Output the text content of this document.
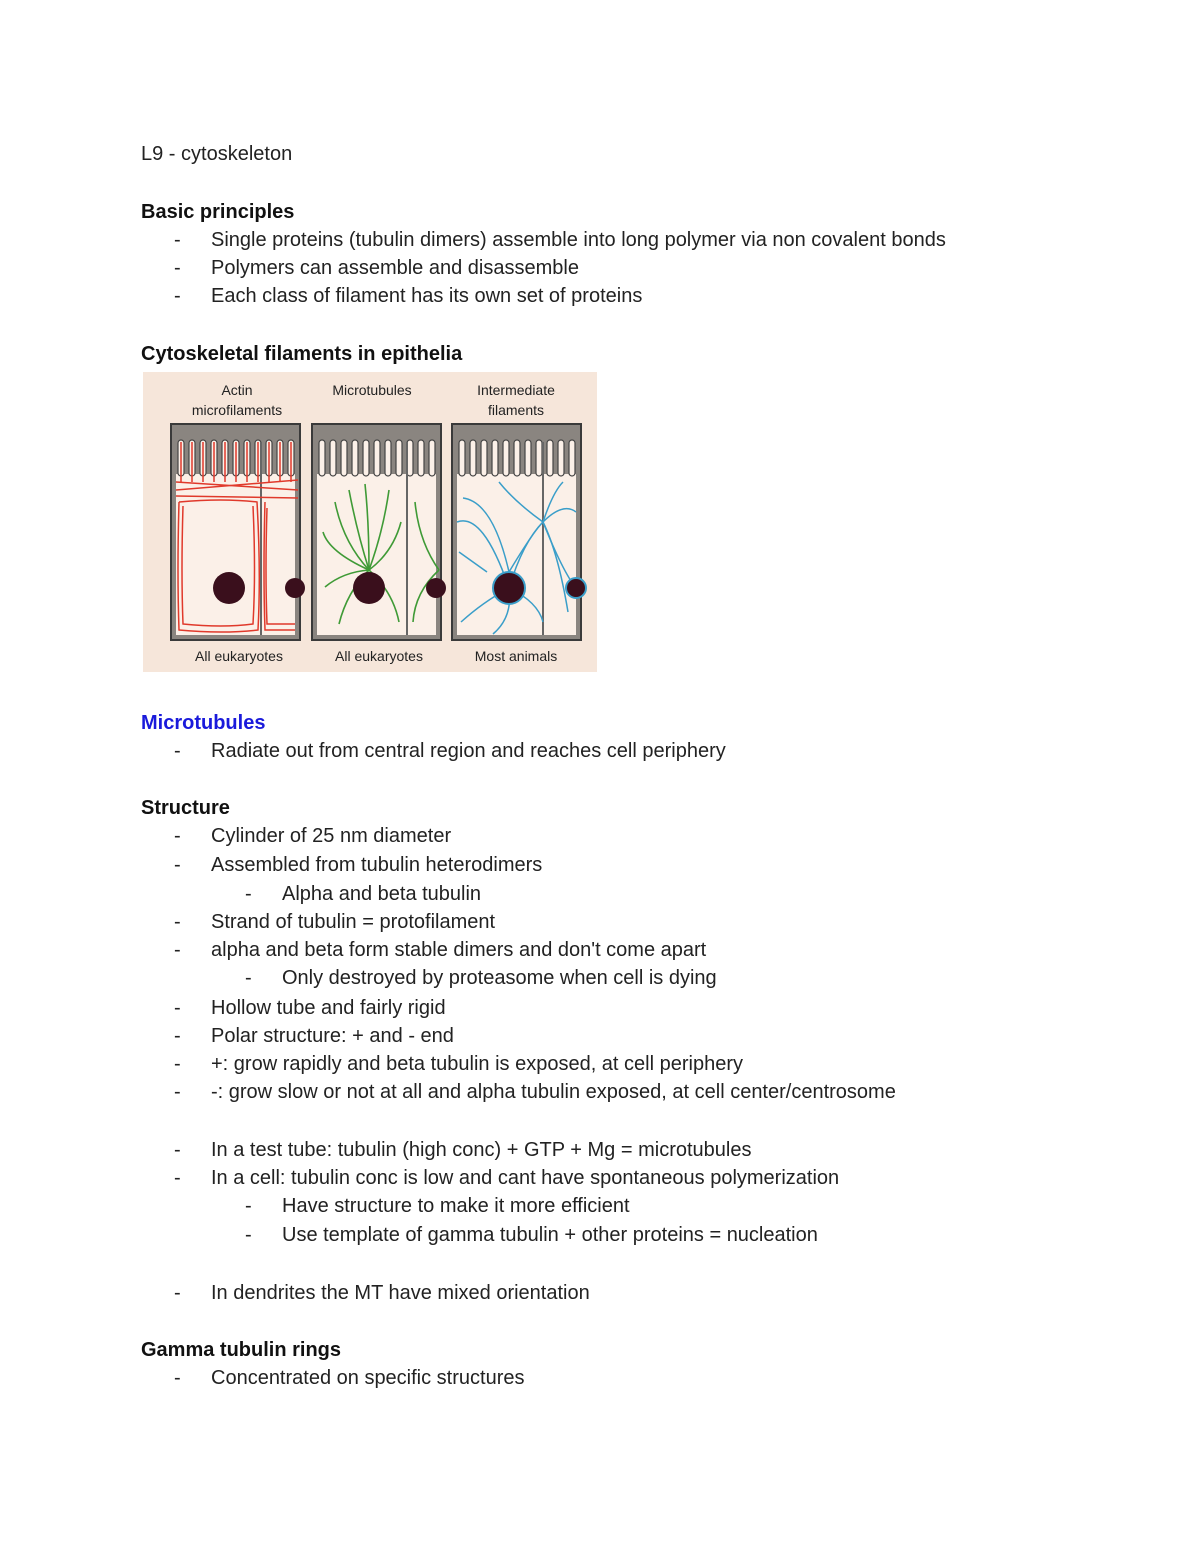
L9 - cytoskeleton
Basic principles
-	Single proteins (tubulin dimers) assemble into long polymer via non covalent bonds
-	Polymers can assemble and disassemble
-	Each class of filament has its own set of proteins
Cytoskeletal filaments in epithelia
Actin
microfilaments
Microtubules	Intermediate
filaments
All eukaryotes	All eukaryotes	Most animals
Microtubules
-	Radiate out from central region and reaches cell periphery
Structure
-	Cylinder of 25 nm diameter
-	Assembled from tubulin heterodimers
-	Alpha and beta tubulin
-	Strand of tubulin = protofilament
-	alpha and beta form stable dimers and don't come apart
-	Only destroyed by proteasome when cell is dying
-	Hollow tube and fairly rigid
-	Polar structure: + and - end
-	+: grow rapidly and beta tubulin is exposed, at cell periphery
-	-: grow slow or not at all and alpha tubulin exposed, at cell center/centrosome
-	In a test tube: tubulin (high conc) + GTP + Mg = microtubules
-	In a cell: tubulin conc is low and cant have spontaneous polymerization
-	Have structure to make it more efficient
-	Use template of gamma tubulin + other proteins = nucleation
-	In dendrites the MT have mixed orientation
Gamma tubulin rings
-	Concentrated on specific structures
